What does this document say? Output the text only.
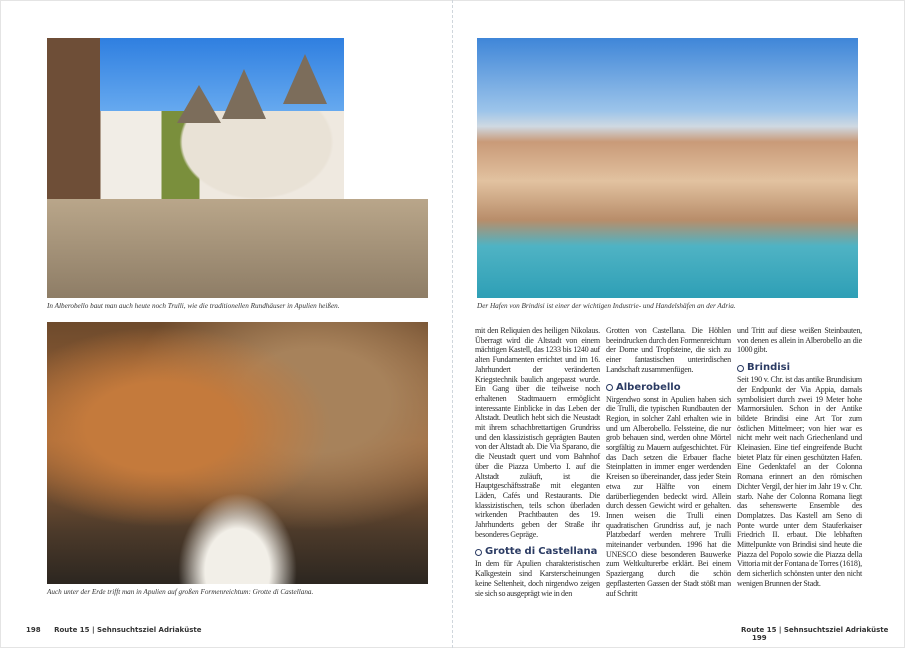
In Alberobello baut man auch heute noch Trulli, wie die traditionellen Rundhäuser in Apulien heißen.	Der Hafen von Brindisi ist einer der wichtigen Industrie- und Handelshäfen an der Adria.
Auch unter der Erde trifft man in Apulien auf großen Formenreichtum: Grotte di Castellana.

mit den Reliquien des heiligen Nikolaus. Überragt wird die Altstadt von einem mächtigen Kastell, das 1233 bis 1240 auf alten Fundamenten errichtet und im 16. Jahrhundert der veränderten Kriegstechnik baulich angepasst wurde. Ein Gang über die teilweise noch erhaltenen Stadtmauern ermöglicht interessante Einblicke in das Leben der Altstadt. Deutlich hebt sich die Neustadt mit ihrem schachbrettartigen Grundriss und den klassizistisch geprägten Bauten von der Altstadt ab. Die Via Sparano, die die Neustadt quert und vom Bahnhof über die Piazza Umberto I. auf die Altstadt zuläuft, ist die Hauptgeschäftsstraße mit eleganten Läden, Cafés und Restaurants. Die klassizistischen, teils schon überladen wirkenden Prachtbauten des 19. Jahrhunderts geben der Straße ihr besonderes Gepräge.

Grotte di Castellana

In dem für Apulien charakteristischen Kalkgestein sind Karsterscheinungen keine Seltenheit, doch nirgendwo zeigen sie sich so ausgeprägt wie in den

Grotten von Castellana. Die Höhlen beeindrucken durch den Formenreichtum der Dome und Tropfsteine, die sich zu einer fantastischen unterirdischen Landschaft zusammenfügen.

Alberobello

Nirgendwo sonst in Apulien haben sich die Trulli, die typischen Rundbauten der Region, in solcher Zahl erhalten wie in und um Alberobello. Felssteine, die nur grob behauen sind, werden ohne Mörtel sorgfältig zu Mauern aufgeschichtet. Für das Dach setzen die Erbauer flache Steinplatten in immer enger werdenden Kreisen so übereinander, dass jeder Stein etwa zur Hälfte von einem darüberliegenden bedeckt wird. Allein durch dessen Gewicht wird er gehalten. Innen weisen die Trulli einen quadratischen Grundriss auf, je nach Platzbedarf werden mehrere Trulli miteinander verbunden. 1996 hat die UNESCO diese besonderen Bauwerke zum Weltkulturerbe erklärt. Bei einem Spaziergang durch die schön gepflasterten Gassen der Stadt stößt man auf Schritt

und Tritt auf diese weißen Steinbauten, von denen es allein in Alberobello an die 1000 gibt.

Brindisi

Seit 190 v. Chr. ist das antike Brundisium der Endpunkt der Via Appia, damals symbolisiert durch zwei 19 Meter hohe Marmorsäulen. Schon in der Antike bildete Brindisi eine Art Tor zum östlichen Mittelmeer; von hier war es nicht mehr weit nach Griechenland und Kleinasien. Eine tief eingreifende Bucht bietet Platz für einen geschützten Hafen. Eine Gedenktafel an der Colonna Romana erinnert an den römischen Dichter Vergil, der hier im Jahr 19 v. Chr. starb. Nahe der Colonna Romana liegt das sehenswerte Ensemble des Domplatzes. Das Kastell am Seno di Ponte wurde unter dem Stauferkaiser Friedrich II. erbaut. Die lebhaften Mittelpunkte von Brindisi sind heute die Piazza del Popolo sowie die Piazza della Vittoria mit der Fontana de Torres (1618), dem sicherlich schönsten unter den nicht wenigen Brunnen der Stadt.

198 Route 15 | Sehnsuchtsziel Adriaküste	Route 15 | Sehnsuchtsziel Adriaküste 199
